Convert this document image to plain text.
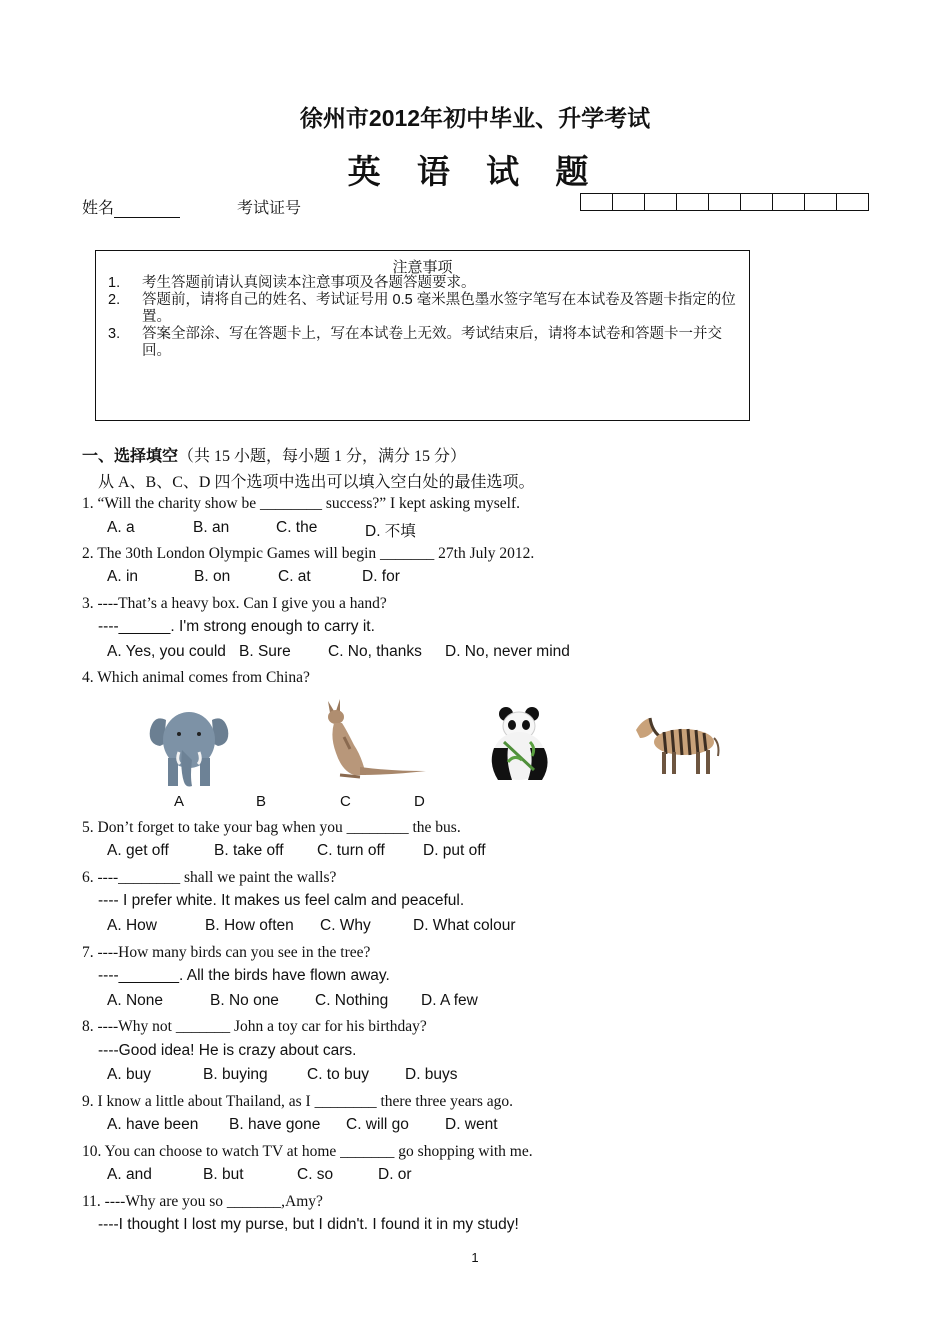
徐州市2012年初中毕业、升学考试
英 语 试 题
姓名	考试证号
注意事项
1.	考生答题前请认真阅读本注意事项及各题答题要求。
2.	答题前，请将自己的姓名、考试证号用 0.5 毫米黑色墨水签字笔写在本试卷及答题卡指定的位置。
3.	答案全部涂、写在答题卡上，写在本试卷上无效。考试结束后，请将本试卷和答题卡一并交回。
一、选择填空（共 15 小题，每小题 1 分，满分 15 分）
从 A、B、C、D 四个选项中选出可以填入空白处的最佳选项。
1. “Will the charity show be ________ success?” I kept asking myself.
A. a	B. an	C. the	D. 不填
2. The 30th London Olympic Games will begin _______ 27th July 2012.
A. in	B. on	C. at	D. for
3. ----That’s a heavy box. Can I give you a hand?
----______. I'm strong enough to carry it.
A. Yes, you could B. Sure C. No, thanks D. No, never mind
4. Which animal comes from China?
A	B	C	D
5. Don’t forget to take your bag when you ________ the bus.
A. get off	B. take off C. turn off D. put off
6. ----________ shall we paint the walls?
---- I prefer white. It makes us feel calm and peaceful.
A. How	B. How often C. Why	D. What colour
7. ----How many birds can you see in the tree?
----_______. All the birds have flown away.
A. None	B. No one C. Nothing D. A few
8. ----Why not _______ John a toy car for his birthday?
----Good idea! He is crazy about cars.
A. buy	B. buying	C. to buy D. buys
9. I know a little about Thailand, as I ________ there three years ago.
A. have been B. have gone C. will go D. went
10. You can choose to watch TV at home _______ go shopping with me.
A. and	B. but	C. so	D. or
11. ----Why are you so _______,Amy?
----I thought I lost my purse, but I didn't. I found it in my study!
1
